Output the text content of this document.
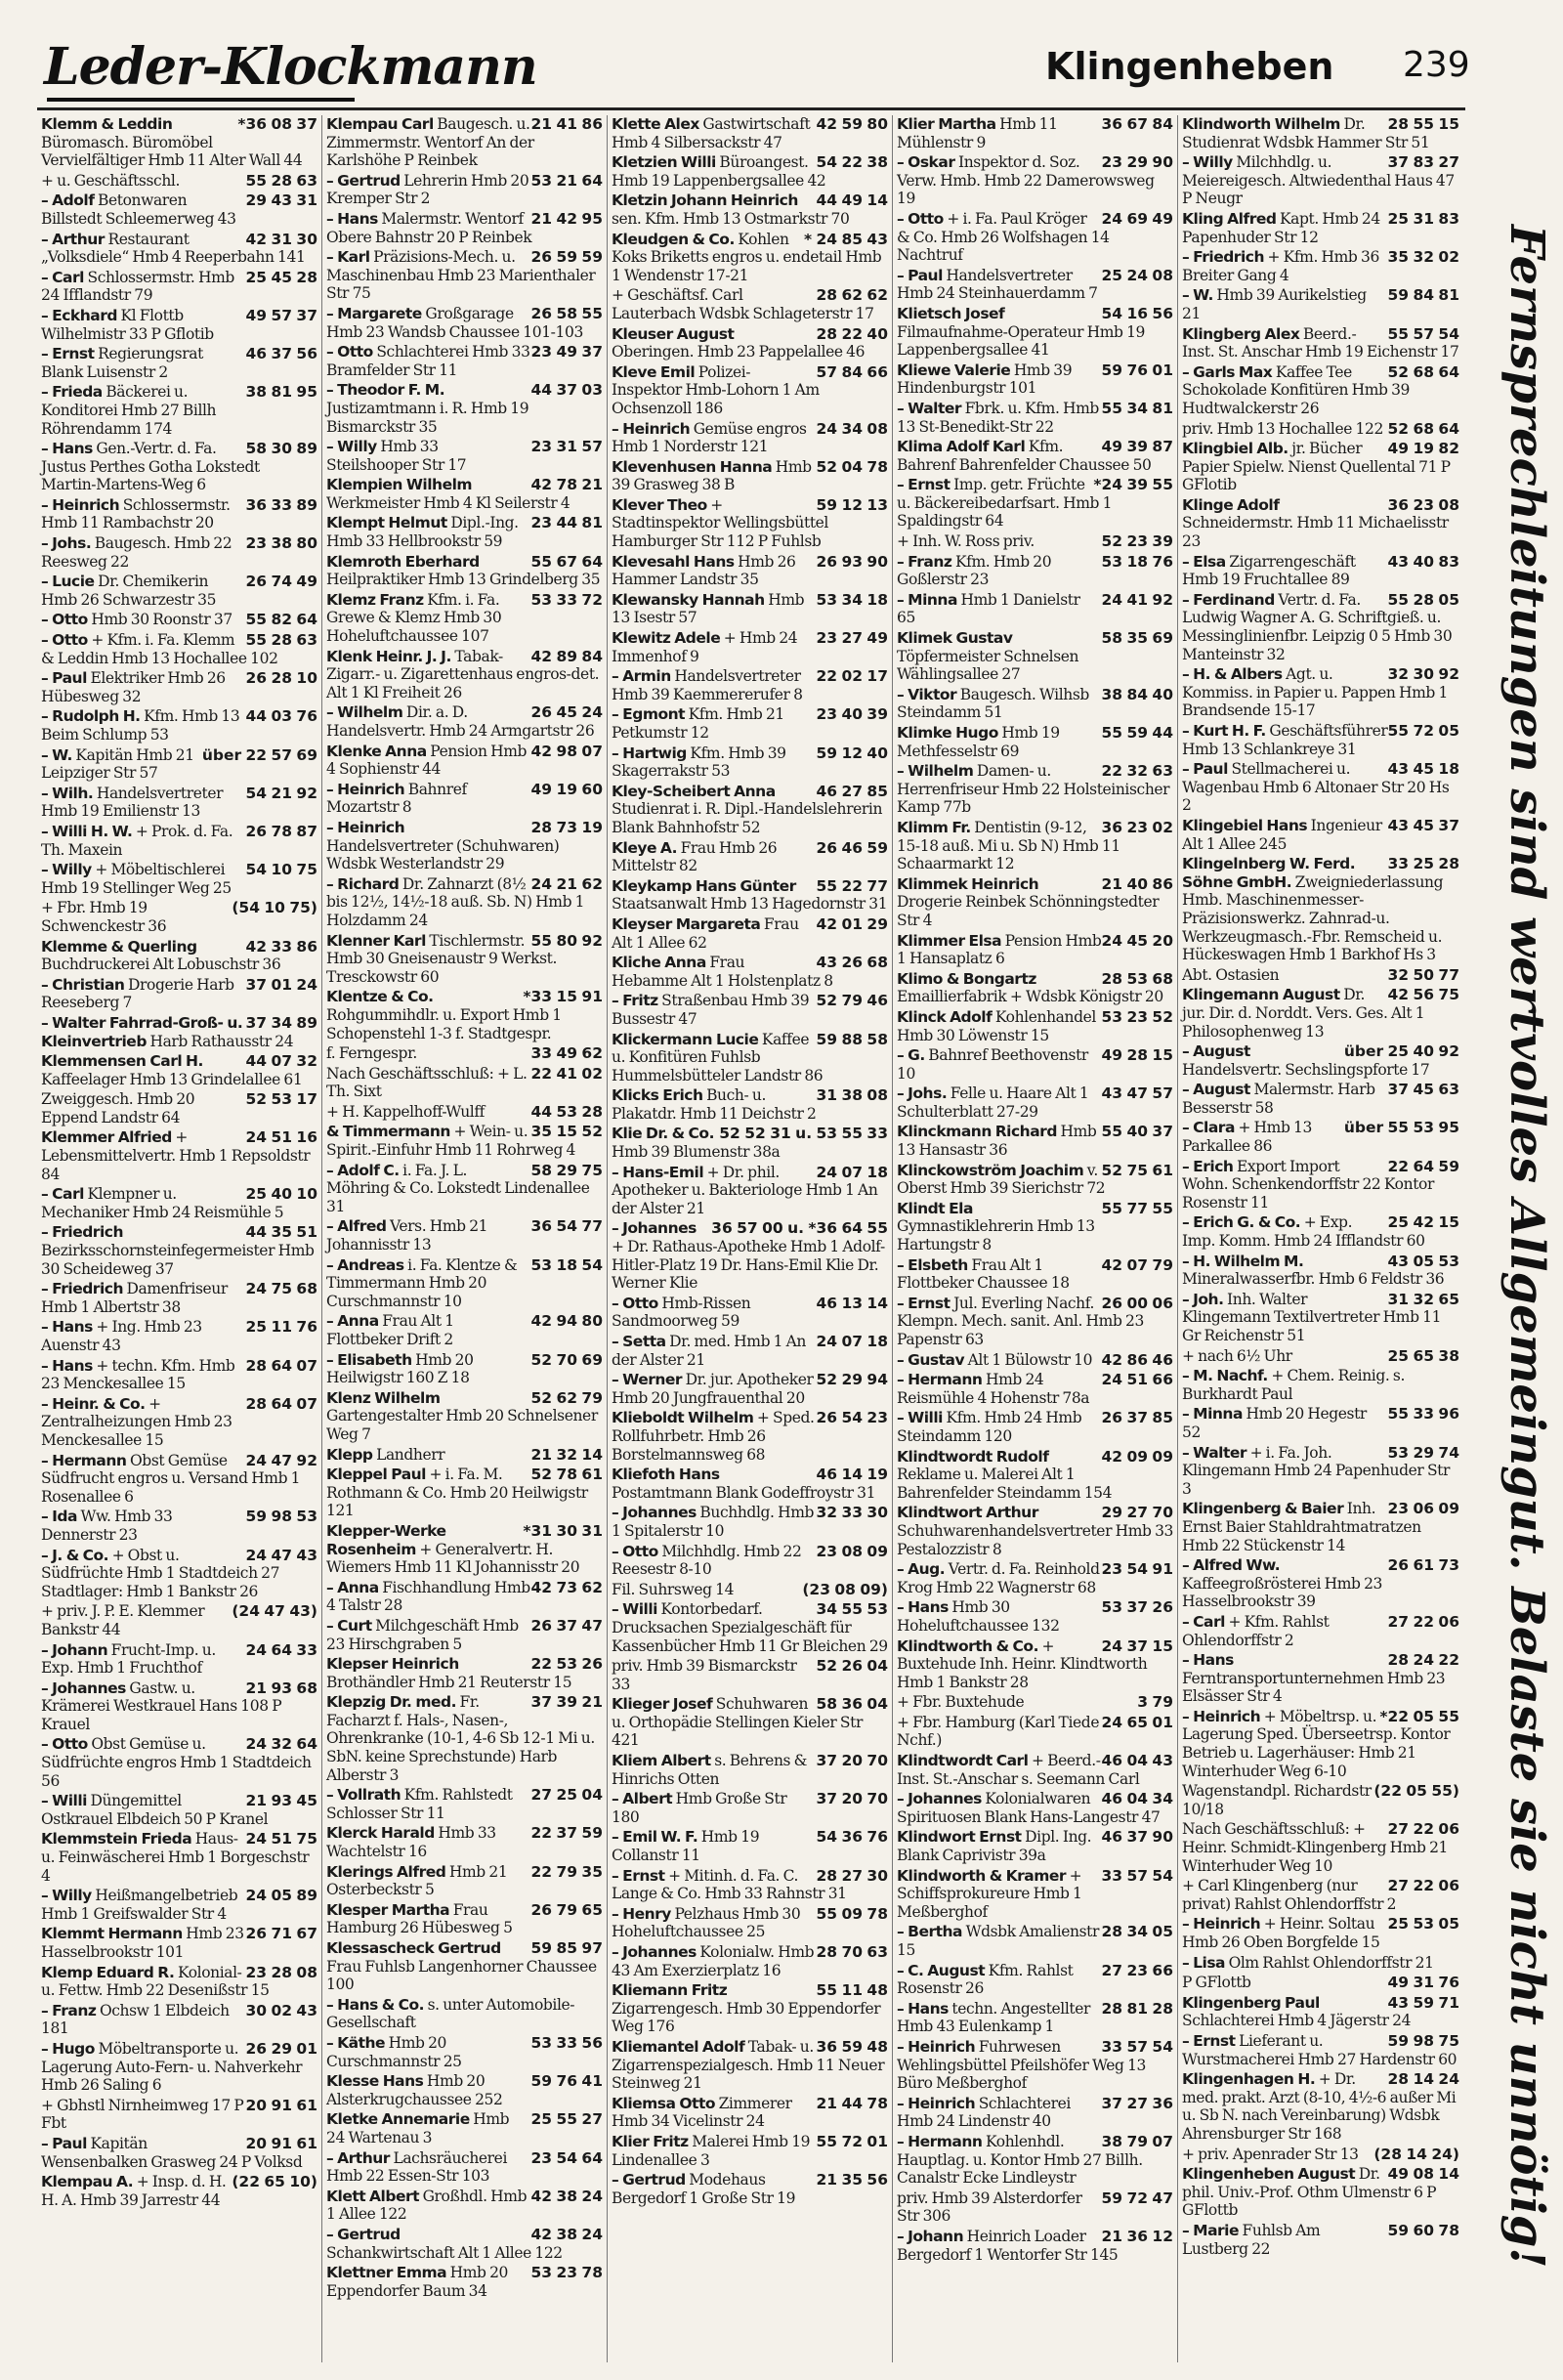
Leder-Klockmann	Klingenheben 239
*36 08 37
Klemm & Leddin Büromasch. Büromöbel Vervielfältiger Hmb 11 Alter Wall 44
55 28 63
+ u. Geschäftsschl.
29 43 31
– Adolf Betonwaren Billstedt Schleemerweg 43
42 31 30
– Arthur Restaurant „Volksdiele“ Hmb 4 Reeperbahn 141
25 45 28
– Carl Schlossermstr. Hmb 24 Ifflandstr 79
49 57 37
– Eckhard Kl Flottb Wilhelmistr 33 P Gflotib
46 37 56
– Ernst Regierungsrat Blank Luisenstr 2
38 81 95
– Frieda Bäckerei u. Konditorei Hmb 27 Billh Röhrendamm 174
58 30 89
– Hans Gen.-Vertr. d. Fa. Justus Perthes Gotha Lokstedt Martin-Martens-Weg 6
36 33 89
– Heinrich Schlossermstr. Hmb 11 Rambachstr 20
23 38 80
– Johs. Baugesch. Hmb 22 Reesweg 22
26 74 49
– Lucie Dr. Chemikerin Hmb 26 Schwarzestr 35
55 82 64
– Otto Hmb 30 Roonstr 37
55 28 63
– Otto + Kfm. i. Fa. Klemm & Leddin Hmb 13 Hochallee 102
26 28 10
– Paul Elektriker Hmb 26 Hübesweg 32
44 03 76
– Rudolph H. Kfm. Hmb 13 Beim Schlump 53
über 22 57 69
– W. Kapitän Hmb 21 Leipziger Str 57
54 21 92
– Wilh. Handelsvertreter Hmb 19 Emilienstr 13
26 78 87
– Willi H. W. + Prok. d. Fa. Th. Maxein
54 10 75
– Willy + Möbeltischlerei Hmb 19 Stellinger Weg 25
(54 10 75)
+ Fbr. Hmb 19 Schwenckestr 36
42 33 86
Klemme & Querling Buchdruckerei Alt Lobuschstr 36
37 01 24
– Christian Drogerie Harb Reeseberg 7
37 34 89
– Walter Fahrrad-Groß- u. Kleinvertrieb Harb Rathausstr 24
44 07 32
Klemmensen Carl H. Kaffeelager Hmb 13 Grindelallee 61
52 53 17
Zweiggesch. Hmb 20 Eppend Landstr 64
24 51 16
Klemmer Alfried + Lebensmittelvertr. Hmb 1 Repsoldstr 84
25 40 10
– Carl Klempner u. Mechaniker Hmb 24 Reismühle 5
44 35 51
– Friedrich Bezirksschornsteinfegermeister Hmb 30 Scheideweg 37
24 75 68
– Friedrich Damenfriseur Hmb 1 Albertstr 38
25 11 76
– Hans + Ing. Hmb 23 Auenstr 43
28 64 07
– Hans + techn. Kfm. Hmb 23 Menckesallee 15
28 64 07
– Heinr. & Co. + Zentralheizungen Hmb 23 Menckesallee 15
24 47 92
– Hermann Obst Gemüse Südfrucht engros u. Versand Hmb 1 Rosenallee 6
59 98 53
– Ida Ww. Hmb 33 Dennerstr 23
24 47 43
– J. & Co. + Obst u. Südfrüchte Hmb 1 Stadtdeich 27 Stadtlager: Hmb 1 Bankstr 26
(24 47 43)
+ priv. J. P. E. Klemmer Bankstr 44
24 64 33
– Johann Frucht-Imp. u. Exp. Hmb 1 Fruchthof
21 93 68
– Johannes Gastw. u. Krämerei Westkrauel Hans 108 P Krauel
24 32 64
– Otto Obst Gemüse u. Südfrüchte engros Hmb 1 Stadtdeich 56
21 93 45
– Willi Düngemittel Ostkrauel Elbdeich 50 P Kranel
24 51 75
Klemmstein Frieda Haus- u. Feinwäscherei Hmb 1 Borgeschstr 4
24 05 89
– Willy Heißmangelbetrieb Hmb 1 Greifswalder Str 4
26 71 67
Klemmt Hermann Hmb 23 Hasselbrookstr 101
23 28 08
Klemp Eduard R. Kolonial- u. Fettw. Hmb 22 Desenißstr 15
30 02 43
– Franz Ochsw 1 Elbdeich 181
26 29 01
– Hugo Möbeltransporte u. Lagerung Auto-Fern- u. Nahverkehr Hmb 26 Saling 6
20 91 61
+ Gbhstl Nirnheimweg 17 P Fbt
20 91 61
– Paul Kapitän Wensenbalken Grasweg 24 P Volksd
(22 65 10)
Klempau A. + Insp. d. H. H. A. Hmb 39 Jarrestr 44
21 41 86
Klempau Carl Baugesch. u. Zimmermstr. Wentorf An der Karlshöhe P Reinbek
53 21 64
– Gertrud Lehrerin Hmb 20 Kremper Str 2
21 42 95
– Hans Malermstr. Wentorf Obere Bahnstr 20 P Reinbek
26 59 59
– Karl Präzisions-Mech. u. Maschinenbau Hmb 23 Marienthaler Str 75
26 58 55
– Margarete Großgarage Hmb 23 Wandsb Chaussee 101-103
23 49 37
– Otto Schlachterei Hmb 33 Bramfelder Str 11
44 37 03
– Theodor F. M. Justizamtmann i. R. Hmb 19 Bismarckstr 35
23 31 57
– Willy Hmb 33 Steilshooper Str 17
42 78 21
Klempien Wilhelm Werkmeister Hmb 4 Kl Seilerstr 4
23 44 81
Klempt Helmut Dipl.-Ing. Hmb 33 Hellbrookstr 59
55 67 64
Klemroth Eberhard Heilpraktiker Hmb 13 Grindelberg 35
53 33 72
Klemz Franz Kfm. i. Fa. Grewe & Klemz Hmb 30 Hoheluftchaussee 107
42 89 84
Klenk Heinr. J. J. Tabak- Zigarr.- u. Zigarettenhaus engros-det. Alt 1 Kl Freiheit 26
26 45 24
– Wilhelm Dir. a. D. Handelsvertr. Hmb 24 Armgartstr 26
42 98 07
Klenke Anna Pension Hmb 4 Sophienstr 44
49 19 60
– Heinrich Bahnref Mozartstr 8
28 73 19
– Heinrich Handelsvertreter (Schuhwaren) Wdsbk Westerlandstr 29
24 21 62
– Richard Dr. Zahnarzt (8½ bis 12½, 14½-18 auß. Sb. N) Hmb 1 Holzdamm 24
55 80 92
Klenner Karl Tischlermstr. Hmb 30 Gneisenaustr 9 Werkst. Tresckowstr 60
*33 15 91
Klentze & Co. Rohgummihdlr. u. Export Hmb 1 Schopenstehl 1-3 f. Stadtgespr.
33 49 62
f. Ferngespr.
22 41 02
Nach Geschäftsschluß: + L. Th. Sixt
44 53 28
+ H. Kappelhoff-Wulff
35 15 52
& Timmermann + Wein- u. Spirit.-Einfuhr Hmb 11 Rohrweg 4
58 29 75
– Adolf C. i. Fa. J. L. Möhring & Co. Lokstedt Lindenallee 31
36 54 77
– Alfred Vers. Hmb 21 Johannisstr 13
53 18 54
– Andreas i. Fa. Klentze & Timmermann Hmb 20 Curschmannstr 10
42 94 80
– Anna Frau Alt 1 Flottbeker Drift 2
52 70 69
– Elisabeth Hmb 20 Heilwigstr 160 Z 18
52 62 79
Klenz Wilhelm Gartengestalter Hmb 20 Schnelsener Weg 7
21 32 14
Klepp Landherr
52 78 61
Kleppel Paul + i. Fa. M. Rothmann & Co. Hmb 20 Heilwigstr 121
*31 30 31
Klepper-Werke Rosenheim + Generalvertr. H. Wiemers Hmb 11 Kl Johannisstr 20
42 73 62
– Anna Fischhandlung Hmb 4 Talstr 28
26 37 47
– Curt Milchgeschäft Hmb 23 Hirschgraben 5
22 53 26
Klepser Heinrich Brothändler Hmb 21 Reuterstr 15
37 39 21
Klepzig Dr. med. Fr. Facharzt f. Hals-, Nasen-, Ohrenkranke (10-1, 4-6 Sb 12-1 Mi u. SbN. keine Sprechstunde) Harb Alberstr 3
27 25 04
– Vollrath Kfm. Rahlstedt Schlosser Str 11
22 37 59
Klerck Harald Hmb 33 Wachtelstr 16
22 79 35
Klerings Alfred Hmb 21 Osterbeckstr 5
26 79 65
Klesper Martha Frau Hamburg 26 Hübesweg 5
59 85 97
Klessascheck Gertrud Frau Fuhlsb Langenhorner Chaussee 100
– Hans & Co. s. unter Automobile-Gesellschaft
53 33 56
– Käthe Hmb 20 Curschmannstr 25
59 76 41
Klesse Hans Hmb 20 Alsterkrugchaussee 252
25 55 27
Kletke Annemarie Hmb 24 Wartenau 3
23 54 64
– Arthur Lachsräucherei Hmb 22 Essen-Str 103
42 38 24
Klett Albert Großhdl. Hmb 1 Allee 122
42 38 24
– Gertrud Schankwirtschaft Alt 1 Allee 122
53 23 78
Klettner Emma Hmb 20 Eppendorfer Baum 34
42 59 80
Klette Alex Gastwirtschaft Hmb 4 Silbersackstr 47
54 22 38
Kletzien Willi Büroangest. Hmb 19 Lappenbergsallee 42
44 49 14
Kletzin Johann Heinrich sen. Kfm. Hmb 13 Ostmarkstr 70
* 24 85 43
Kleudgen & Co. Kohlen Koks Briketts engros u. endetail Hmb 1 Wendenstr 17-21
28 62 62
+ Geschäftsf. Carl Lauterbach Wdsbk Schlageterstr 17
28 22 40
Kleuser August Oberingen. Hmb 23 Pappelallee 46
57 84 66
Kleve Emil Polizei-Inspektor Hmb-Lohorn 1 Am Ochsenzoll 186
24 34 08
– Heinrich Gemüse engros Hmb 1 Norderstr 121
52 04 78
Klevenhusen Hanna Hmb 39 Grasweg 38 B
59 12 13
Klever Theo + Stadtinspektor Wellingsbüttel Hamburger Str 112 P Fuhlsb
26 93 90
Klevesahl Hans Hmb 26 Hammer Landstr 35
53 34 18
Klewansky Hannah Hmb 13 Isestr 57
23 27 49
Klewitz Adele + Hmb 24 Immenhof 9
22 02 17
– Armin Handelsvertreter Hmb 39 Kaemmererufer 8
23 40 39
– Egmont Kfm. Hmb 21 Petkumstr 12
59 12 40
– Hartwig Kfm. Hmb 39 Skagerrakstr 53
46 27 85
Kley-Scheibert Anna Studienrat i. R. Dipl.-Handelslehrerin Blank Bahnhofstr 52
26 46 59
Kleye A. Frau Hmb 26 Mittelstr 82
55 22 77
Kleykamp Hans Günter Staatsanwalt Hmb 13 Hagedornstr 31
42 01 29
Kleyser Margareta Frau Alt 1 Allee 62
43 26 68
Kliche Anna Frau Hebamme Alt 1 Holstenplatz 8
52 79 46
– Fritz Straßenbau Hmb 39 Bussestr 47
59 88 58
Klickermann Lucie Kaffee u. Konfitüren Fuhlsb Hummelsbütteler Landstr 86
31 38 08
Klicks Erich Buch- u. Plakatdr. Hmb 11 Deichstr 2
52 52 31 u. 53 55 33
Klie Dr. & Co. Hmb 39 Blumenstr 38a
24 07 18
– Hans-Emil + Dr. phil. Apotheker u. Bakteriologe Hmb 1 An der Alster 21
36 57 00 u. *36 64 55
– Johannes + Dr. Rathaus-Apotheke Hmb 1 Adolf-Hitler-Platz 19 Dr. Hans-Emil Klie Dr. Werner Klie
46 13 14
– Otto Hmb-Rissen Sandmoorweg 59
24 07 18
– Setta Dr. med. Hmb 1 An der Alster 21
52 29 94
– Werner Dr. jur. Apotheker Hmb 20 Jungfrauenthal 20
26 54 23
Klieboldt Wilhelm + Sped. Rollfuhrbetr. Hmb 26 Borstelmannsweg 68
46 14 19
Kliefoth Hans Postamtmann Blank Godeffroystr 31
32 33 30
– Johannes Buchhdlg. Hmb 1 Spitalerstr 10
23 08 09
– Otto Milchhdlg. Hmb 22 Reesestr 8-10
(23 08 09)
Fil. Suhrsweg 14
34 55 53
– Willi Kontorbedarf. Drucksachen Spezialgeschäft für Kassenbücher Hmb 11 Gr Bleichen 29
52 26 04
priv. Hmb 39 Bismarckstr 33
58 36 04
Klieger Josef Schuhwaren u. Orthopädie Stellingen Kieler Str 421
37 20 70
Kliem Albert s. Behrens & Hinrichs Otten
37 20 70
– Albert Hmb Große Str 180
54 36 76
– Emil W. F. Hmb 19 Collanstr 11
28 27 30
– Ernst + Mitinh. d. Fa. C. Lange & Co. Hmb 33 Rahnstr 31
55 09 78
– Henry Pelzhaus Hmb 30 Hoheluftchaussee 25
28 70 63
– Johannes Kolonialw. Hmb 43 Am Exerzierplatz 16
55 11 48
Kliemann Fritz Zigarrengesch. Hmb 30 Eppendorfer Weg 176
36 59 48
Kliemantel Adolf Tabak- u. Zigarrenspezialgesch. Hmb 11 Neuer Steinweg 21
21 44 78
Kliemsa Otto Zimmerer Hmb 34 Vicelinstr 24
55 72 01
Klier Fritz Malerei Hmb 19 Lindenallee 3
21 35 56
– Gertrud Modehaus Bergedorf 1 Große Str 19
36 67 84
Klier Martha Hmb 11 Mühlenstr 9
23 29 90
– Oskar Inspektor d. Soz. Verw. Hmb. Hmb 22 Damerowsweg 19
24 69 49
– Otto + i. Fa. Paul Kröger & Co. Hmb 26 Wolfshagen 14 Nachtruf
25 24 08
– Paul Handelsvertreter Hmb 24 Steinhauerdamm 7
54 16 56
Klietsch Josef Filmaufnahme-Operateur Hmb 19 Lappenbergsallee 41
59 76 01
Kliewe Valerie Hmb 39 Hindenburgstr 101
55 34 81
– Walter Fbrk. u. Kfm. Hmb 13 St-Benedikt-Str 22
49 39 87
Klima Adolf Karl Kfm. Bahrenf Bahrenfelder Chaussee 50
*24 39 55
– Ernst Imp. getr. Früchte u. Bäckereibedarfsart. Hmb 1 Spaldingstr 64
52 23 39
+ Inh. W. Ross priv.
53 18 76
– Franz Kfm. Hmb 20 Goßlerstr 23
24 41 92
– Minna Hmb 1 Danielstr 65
58 35 69
Klimek Gustav Töpfermeister Schnelsen Wählingsallee 27
38 84 40
– Viktor Baugesch. Wilhsb Steindamm 51
55 59 44
Klimke Hugo Hmb 19 Methfesselstr 69
22 32 63
– Wilhelm Damen- u. Herrenfriseur Hmb 22 Holsteinischer Kamp 77b
36 23 02
Klimm Fr. Dentistin (9-12, 15-18 auß. Mi u. Sb N) Hmb 11 Schaarmarkt 12
21 40 86
Klimmek Heinrich Drogerie Reinbek Schönningstedter Str 4
24 45 20
Klimmer Elsa Pension Hmb 1 Hansaplatz 6
28 53 68
Klimo & Bongartz Emaillierfabrik + Wdsbk Königstr 20
53 23 52
Klinck Adolf Kohlenhandel Hmb 30 Löwenstr 15
49 28 15
– G. Bahnref Beethovenstr 10
43 47 57
– Johs. Felle u. Haare Alt 1 Schulterblatt 27-29
55 40 37
Klinckmann Richard Hmb 13 Hansastr 36
52 75 61
Klinckowström Joachim v. Oberst Hmb 39 Sierichstr 72
55 77 55
Klindt Ela Gymnastiklehrerin Hmb 13 Hartungstr 8
42 07 79
– Elsbeth Frau Alt 1 Flottbeker Chaussee 18
26 00 06
– Ernst Jul. Everling Nachf. Klempn. Mech. sanit. Anl. Hmb 23 Papenstr 63
42 86 46
– Gustav Alt 1 Bülowstr 10
24 51 66
– Hermann Hmb 24 Reismühle 4 Hohenstr 78a
26 37 85
– Willi Kfm. Hmb 24 Hmb Steindamm 120
42 09 09
Klindtwordt Rudolf Reklame u. Malerei Alt 1 Bahrenfelder Steindamm 154
29 27 70
Klindtwort Arthur Schuhwarenhandelsvertreter Hmb 33 Pestalozzistr 8
23 54 91
– Aug. Vertr. d. Fa. Reinhold Krog Hmb 22 Wagnerstr 68
53 37 26
– Hans Hmb 30 Hoheluftchaussee 132
24 37 15
Klindtworth & Co. + Buxtehude Inh. Heinr. Klindtworth Hmb 1 Bankstr 28
3 79
+ Fbr. Buxtehude
24 65 01
+ Fbr. Hamburg (Karl Tiede Nchf.)
46 04 43
Klindtwordt Carl + Beerd.-Inst. St.-Anschar s. Seemann Carl
46 04 34
– Johannes Kolonialwaren Spirituosen Blank Hans-Langestr 47
46 37 90
Klindwort Ernst Dipl. Ing. Blank Caprivistr 39a
33 57 54
Klindworth & Kramer + Schiffsprokureure Hmb 1 Meßberghof
28 34 05
– Bertha Wdsbk Amalienstr 15
27 23 66
– C. August Kfm. Rahlst Rosenstr 26
28 81 28
– Hans techn. Angestellter Hmb 43 Eulenkamp 1
33 57 54
– Heinrich Fuhrwesen Wehlingsbüttel Pfeilshöfer Weg 13 Büro Meßberghof
37 27 36
– Heinrich Schlachterei Hmb 24 Lindenstr 40
38 79 07
– Hermann Kohlenhdl. Hauptlag. u. Kontor Hmb 27 Billh. Canalstr Ecke Lindleystr
59 72 47
priv. Hmb 39 Alsterdorfer Str 306
21 36 12
– Johann Heinrich Loader Bergedorf 1 Wentorfer Str 145
28 55 15
Klindworth Wilhelm Dr. Studienrat Wdsbk Hammer Str 51
37 83 27
– Willy Milchhdlg. u. Meiereigesch. Altwiedenthal Haus 47 P Neugr
25 31 83
Kling Alfred Kapt. Hmb 24 Papenhuder Str 12
35 32 02
– Friedrich + Kfm. Hmb 36 Breiter Gang 4
59 84 81
– W. Hmb 39 Aurikelstieg 21
55 57 54
Klingberg Alex Beerd.-Inst. St. Anschar Hmb 19 Eichenstr 17
52 68 64
– Garls Max Kaffee Tee Schokolade Konfitüren Hmb 39 Hudtwalckerstr 26
52 68 64
priv. Hmb 13 Hochallee 122
49 19 82
Klingbiel Alb. jr. Bücher Papier Spielw. Nienst Quellental 71 P GFlotib
36 23 08
Klinge Adolf Schneidermstr. Hmb 11 Michaelisstr 23
43 40 83
– Elsa Zigarrengeschäft Hmb 19 Fruchtallee 89
55 28 05
– Ferdinand Vertr. d. Fa. Ludwig Wagner A. G. Schriftgieß. u. Messinglinienfbr. Leipzig 0 5 Hmb 30 Manteinstr 32
32 30 92
– H. & Albers Agt. u. Kommiss. in Papier u. Pappen Hmb 1 Brandsende 15-17
55 72 05
– Kurt H. F. Geschäftsführer Hmb 13 Schlankreye 31
43 45 18
– Paul Stellmacherei u. Wagenbau Hmb 6 Altonaer Str 20 Hs 2
43 45 37
Klingebiel Hans Ingenieur Alt 1 Allee 245
33 25 28
Klingelnberg W. Ferd. Söhne GmbH. Zweigniederlassung Hmb. Maschinenmesser- Präzisionswerkz. Zahnrad-u. Werkzeugmasch.-Fbr. Remscheid u. Hückeswagen Hmb 1 Barkhof Hs 3
32 50 77
Abt. Ostasien
42 56 75
Klingemann August Dr. jur. Dir. d. Norddt. Vers. Ges. Alt 1 Philosophenweg 13
über 25 40 92
– August Handelsvertr. Sechslingspforte 17
37 45 63
– August Malermstr. Harb Besserstr 58
über 55 53 95
– Clara + Hmb 13 Parkallee 86
22 64 59
– Erich Export Import Wohn. Schenkendorffstr 22 Kontor Rosenstr 11
25 42 15
– Erich G. & Co. + Exp. Imp. Komm. Hmb 24 Ifflandstr 60
43 05 53
– H. Wilhelm M. Mineralwasserfbr. Hmb 6 Feldstr 36
31 32 65
– Joh. Inh. Walter Klingemann Textilvertreter Hmb 11 Gr Reichenstr 51
25 65 38
+ nach 6½ Uhr
– M. Nachf. + Chem. Reinig. s. Burkhardt Paul
55 33 96
– Minna Hmb 20 Hegestr 52
53 29 74
– Walter + i. Fa. Joh. Klingemann Hmb 24 Papenhuder Str 3
23 06 09
Klingenberg & Baier Inh. Ernst Baier Stahldrahtmatratzen Hmb 22 Stückenstr 14
26 61 73
– Alfred Ww. Kaffeegroßrösterei Hmb 23 Hasselbrookstr 39
27 22 06
– Carl + Kfm. Rahlst Ohlendorffstr 2
28 24 22
– Hans Ferntransportunternehmen Hmb 23 Elsässer Str 4
*22 05 55
– Heinrich + Möbeltrsp. u. Lagerung Sped. Überseetrsp. Kontor Betrieb u. Lagerhäuser: Hmb 21 Winterhuder Weg 6-10
(22 05 55)
Wagenstandpl. Richardstr 10/18
27 22 06
Nach Geschäftsschluß: + Heinr. Schmidt-Klingenberg Hmb 21 Winterhuder Weg 10
27 22 06
+ Carl Klingenberg (nur privat) Rahlst Ohlendorffstr 2
25 53 05
– Heinrich + Heinr. Soltau Hmb 26 Oben Borgfelde 15
– Lisa Olm Rahlst Ohlendorffstr 21
49 31 76
P GFlottb
43 59 71
Klingenberg Paul Schlachterei Hmb 4 Jägerstr 24
59 98 75
– Ernst Lieferant u. Wurstmacherei Hmb 27 Hardenstr 60
28 14 24
Klingenhagen H. + Dr. med. prakt. Arzt (8-10, 4½-6 außer Mi u. Sb N. nach Vereinbarung) Wdsbk Ahrensburger Str 168
(28 14 24)
+ priv. Apenrader Str 13
49 08 14
Klingenheben August Dr. phil. Univ.-Prof. Othm Ulmenstr 6 P GFlottb
59 60 78
– Marie Fuhlsb Am Lustberg 22	Fernsprechleitungen sind wertvolles Allgemeingut. Belaste sie nicht unnötig!
